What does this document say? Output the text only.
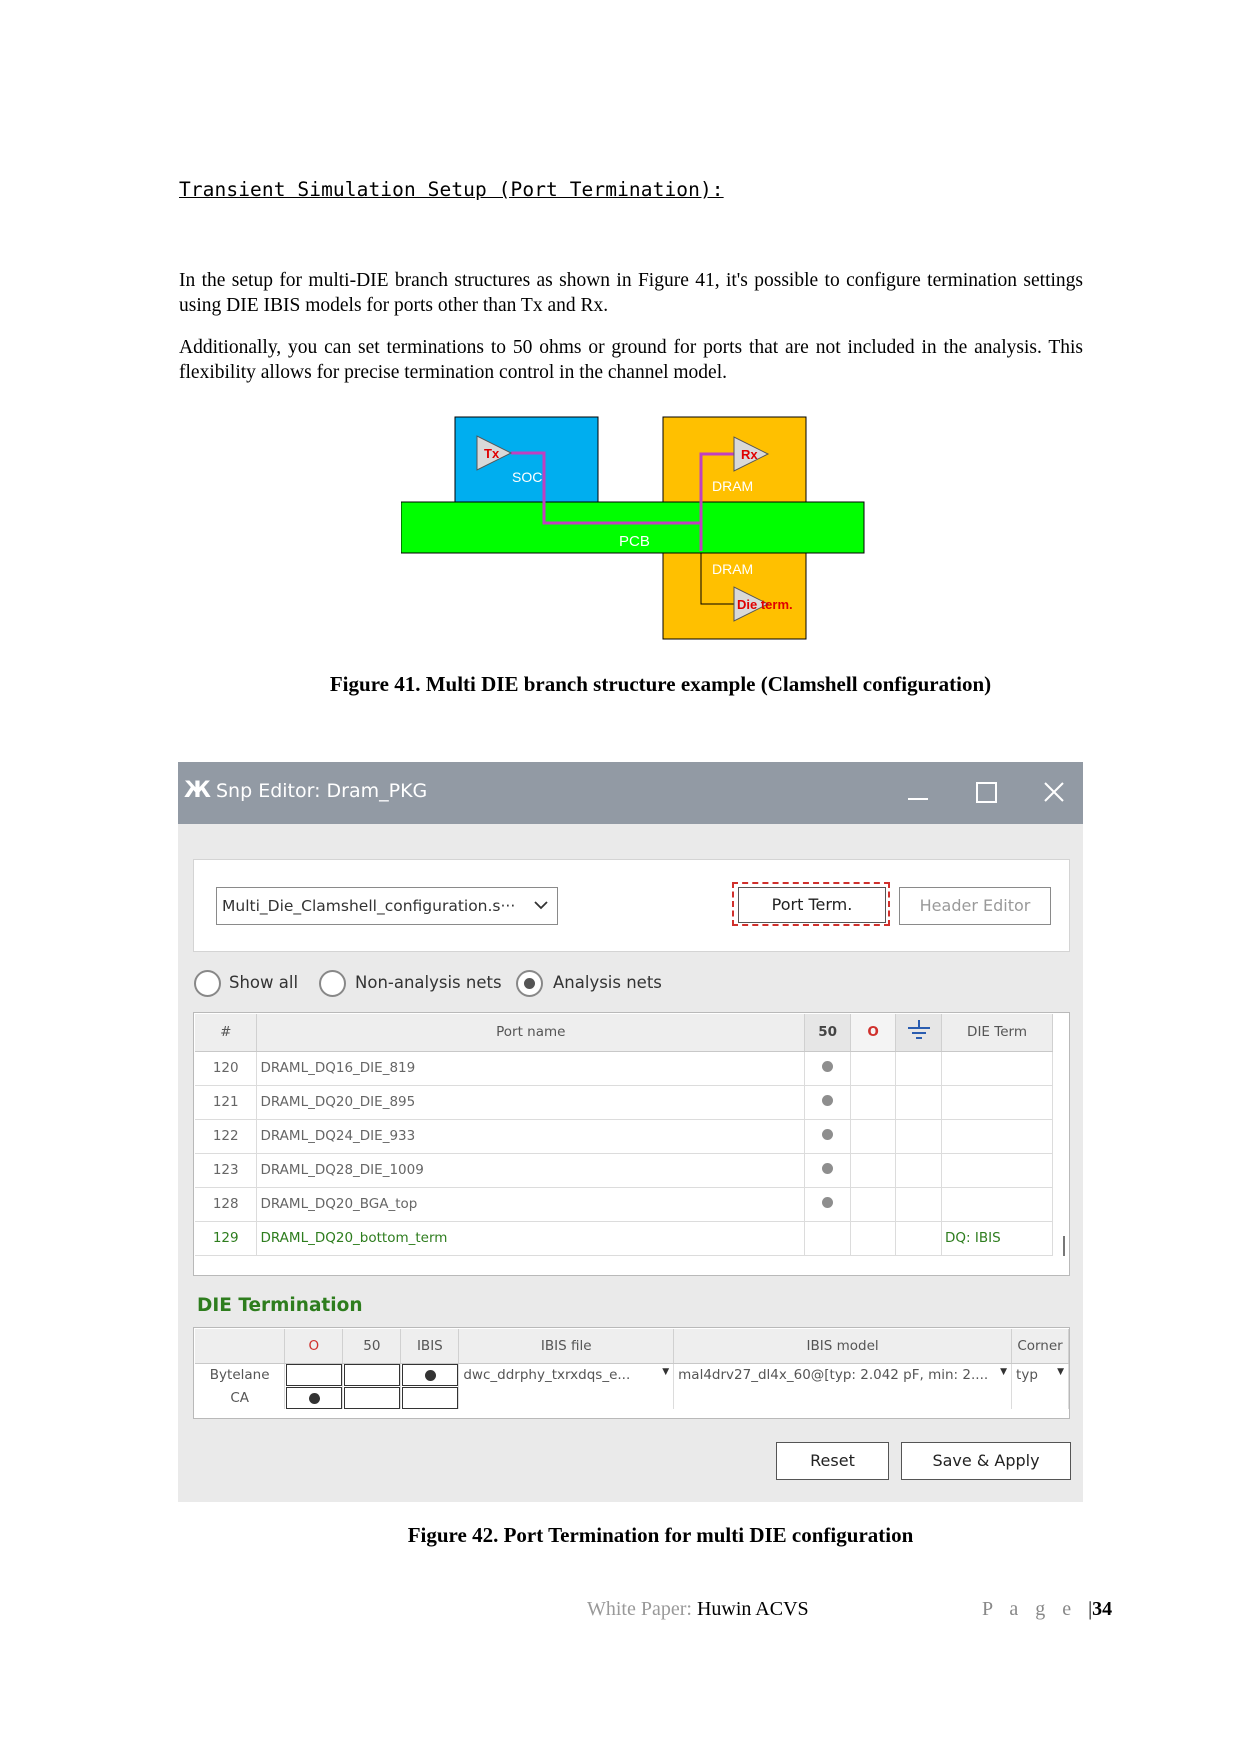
Transient Simulation Setup (Port Termination):

In the setup for multi-DIE branch structures as shown in Figure 41, it's possible to configure termination settings using DIE IBIS models for ports other than Tx and Rx.

Additionally, you can set terminations to 50 ohms or ground for ports that are not included in the analysis. This flexibility allows for precise termination control in the channel model.

Tx
SOC
Rx
DRAM
PCB
DRAM
Die term.
Figure 41. Multi DIE branch structure example (Clamshell configuration)
Ж Snp Editor: Dram_PKG
Multi_Die_Clamshell_configuration.s···	Port Term.	Header Editor
Show all	Non-analysis nets	Analysis nets
#	Port name	50	O		DIE Term
120	DRAML_DQ16_DIE_819				
121	DRAML_DQ20_DIE_895				
122	DRAML_DQ24_DIE_933				
123	DRAML_DQ28_DIE_1009				
128	DRAML_DQ20_BGA_top				
129	DRAML_DQ20_bottom_term				DQ: IBIS
DIE Termination
	O	50	IBIS	IBIS file	IBIS model	Corner
Bytelane				dwc_ddrphy_txrxdqs_e... ▼	mal4drv27_dl4x_60@[typ: 2.042 pF, min: 2.... ▼	typ ▼

CA	

Reset	Save & Apply
Figure 42. Port Termination for multi DIE configuration
White Paper: Huwin ACVS	P a g e |34
